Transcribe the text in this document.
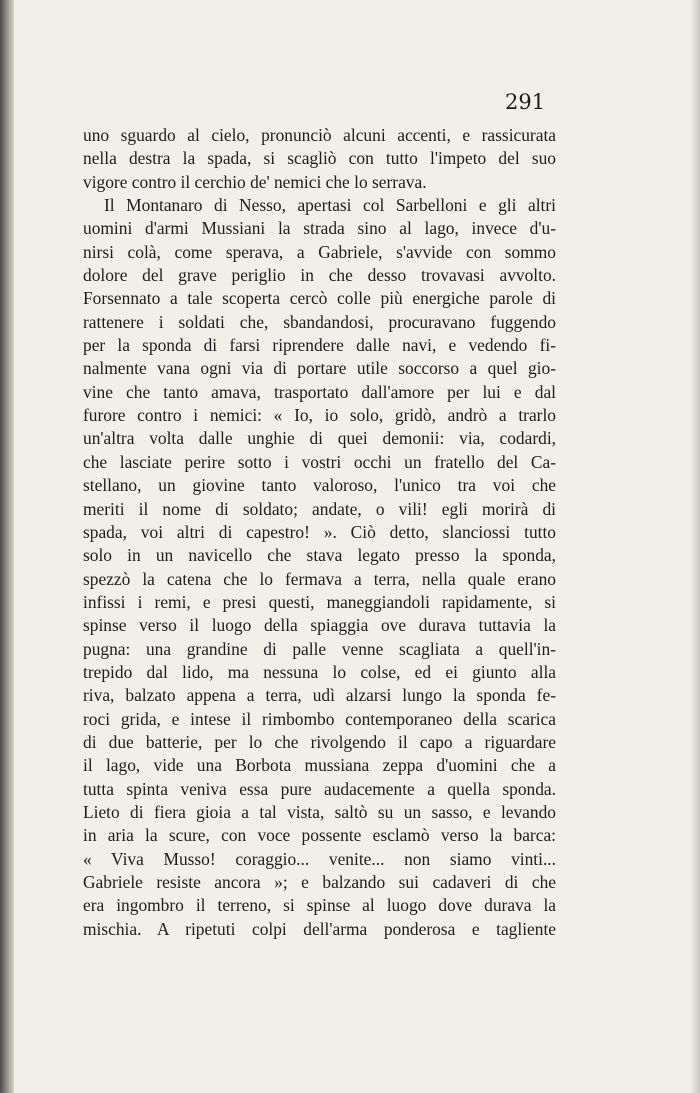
291
uno sguardo al cielo, pronunciò alcuni accenti, e rassicurata
nella destra la spada, si scagliò con tutto l'impeto del suo
vigore contro il cerchio de' nemici che lo serrava.
Il Montanaro di Nesso, apertasi col Sarbelloni e gli altri
uomini d'armi Mussiani la strada sino al lago, invece d'u-
nirsi colà, come sperava, a Gabriele, s'avvide con sommo
dolore del grave periglio in che desso trovavasi avvolto.
Forsennato a tale scoperta cercò colle più energiche parole di
rattenere i soldati che, sbandandosi, procuravano fuggendo
per la sponda di farsi riprendere dalle navi, e vedendo fi-
nalmente vana ogni via di portare utile soccorso a quel gio-
vine che tanto amava, trasportato dall'amore per lui e dal
furore contro i nemici: « Io, io solo, gridò, andrò a trarlo
un'altra volta dalle unghie di quei demonii: via, codardi,
che lasciate perire sotto i vostri occhi un fratello del Ca-
stellano, un giovine tanto valoroso, l'unico tra voi che
meriti il nome di soldato; andate, o vili! egli morirà di
spada, voi altri di capestro! ». Ciò detto, slanciossi tutto
solo in un navicello che stava legato presso la sponda,
spezzò la catena che lo fermava a terra, nella quale erano
infissi i remi, e presi questi, maneggiandoli rapidamente, si
spinse verso il luogo della spiaggia ove durava tuttavia la
pugna: una grandine di palle venne scagliata a quell'in-
trepido dal lido, ma nessuna lo colse, ed ei giunto alla
riva, balzato appena a terra, udì alzarsi lungo la sponda fe-
roci grida, e intese il rimbombo contemporaneo della scarica
di due batterie, per lo che rivolgendo il capo a riguardare
il lago, vide una Borbota mussiana zeppa d'uomini che a
tutta spinta veniva essa pure audacemente a quella sponda.
Lieto di fiera gioia a tal vista, saltò su un sasso, e levando
in aria la scure, con voce possente esclamò verso la barca:
« Viva Musso! coraggio... venite... non siamo vinti...
Gabriele resiste ancora »; e balzando sui cadaveri di che
era ingombro il terreno, si spinse al luogo dove durava la
mischia. A ripetuti colpi dell'arma ponderosa e tagliente
